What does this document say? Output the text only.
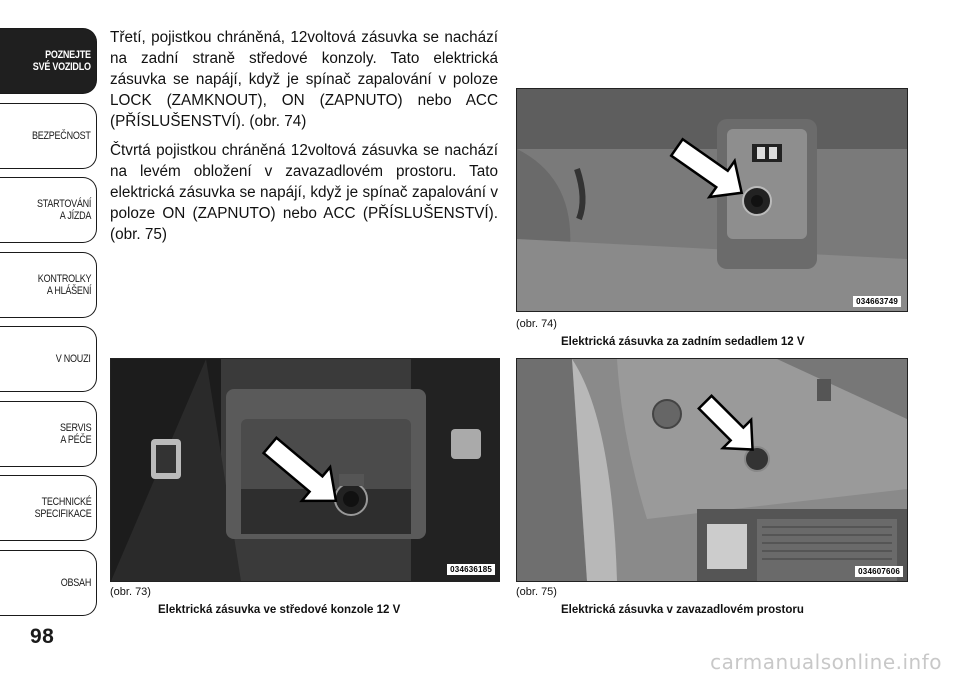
POZNEJTE
SVÉ VOZIDLO
BEZPEČNOST
STARTOVÁNÍ
A JÍZDA
KONTROLKY
A HLÁŠENÍ
V NOUZI
SERVIS
A PÉČE
TECHNICKÉ
SPECIFIKACE
OBSAH
98

Třetí, pojistkou chráněná, 12voltová zásuvka se nachází na zadní straně středové konzoly. Tato elektrická zásuvka se napájí, když je spínač zapalování v poloze LOCK (ZAMKNOUT), ON (ZAPNUTO) nebo ACC (PŘÍSLUŠENSTVÍ). (obr. 74)

Čtvrtá pojistkou chráněná 12voltová zásuvka se nachází na levém obložení v zavazadlovém prostoru. Tato elektrická zásuvka se napájí, když je spínač zapalování v poloze ON (ZAPNUTO) nebo ACC (PŘÍSLUŠENSTVÍ). (obr. 75)

034636185
(obr. 73)
Elektrická zásuvka ve středové konzole 12 V
034663749
(obr. 74)
Elektrická zásuvka za zadním sedadlem 12 V
034607606
(obr. 75)
Elektrická zásuvka v zavazadlovém prostoru
carmanualsonline.info
